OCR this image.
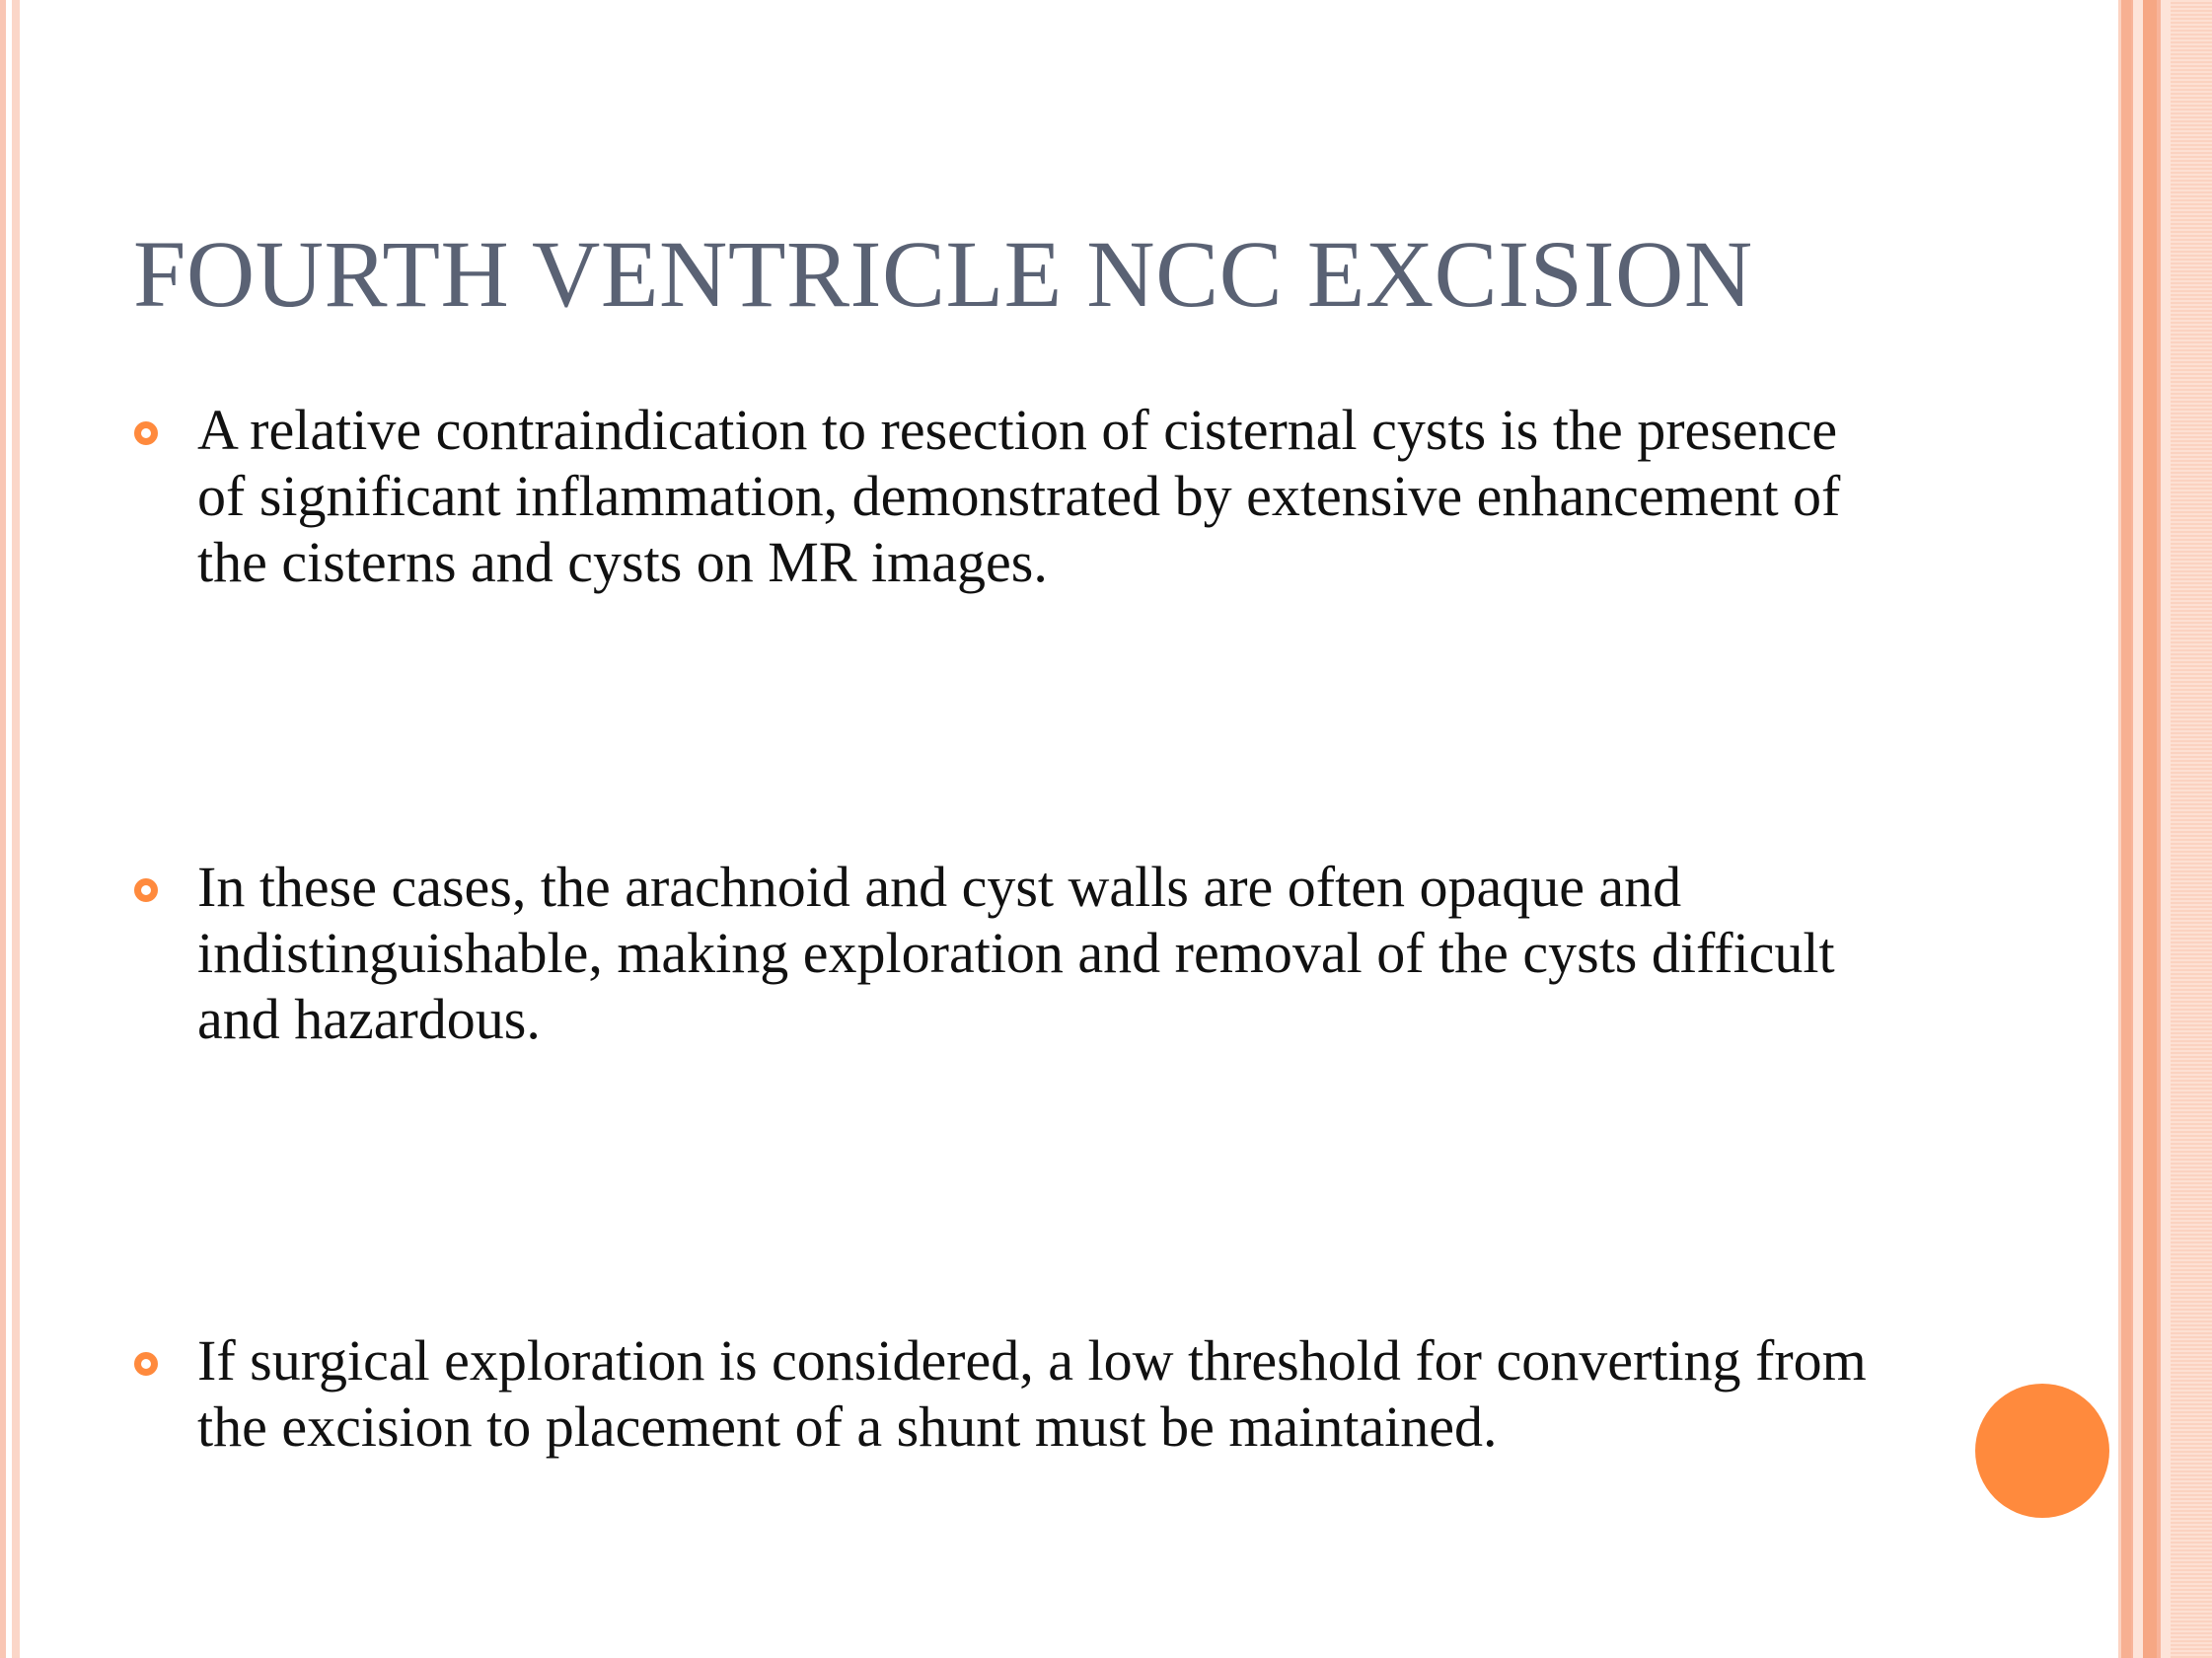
FOURTH VENTRICLE NCC EXCISION

A relative contraindication to resection of cisternal cysts is the presence of significant inflammation, demonstrated by extensive enhancement of the cisterns and cysts on MR images.

In these cases, the arachnoid and cyst walls are often opaque and indistinguishable, making exploration and removal of the cysts difficult and hazardous.

If surgical exploration is considered, a low threshold for converting from the excision to placement of a shunt must be maintained.
